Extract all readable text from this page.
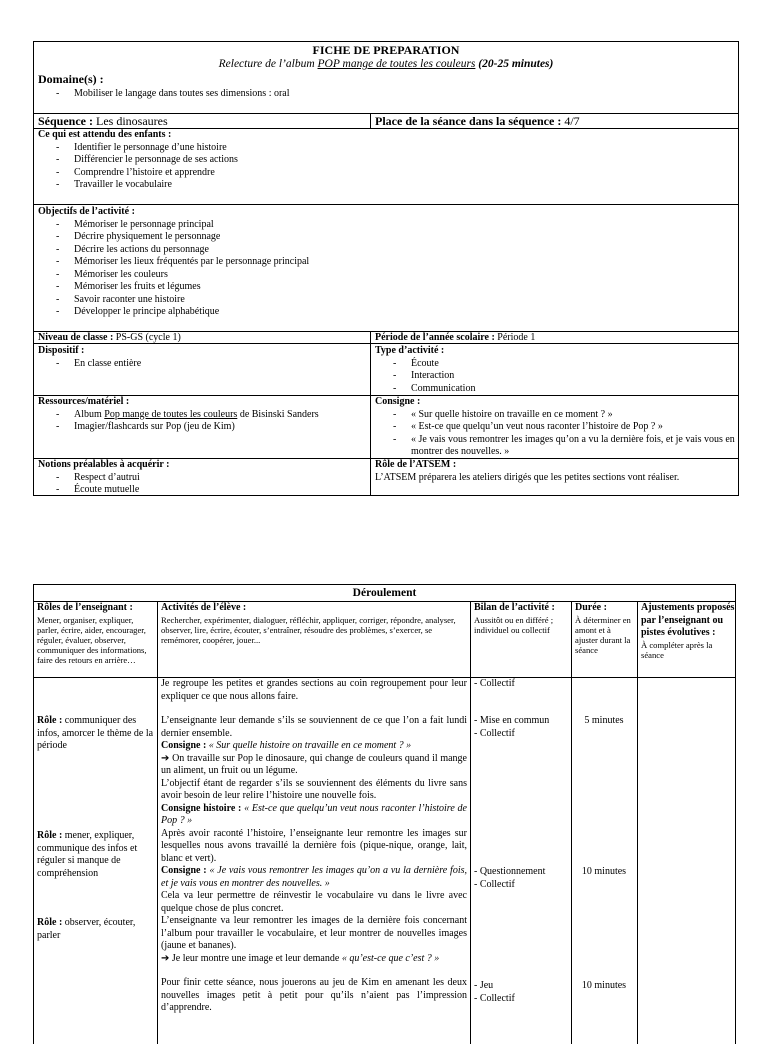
FICHE DE PREPARATION
Relecture de l’album POP mange de toutes les couleurs (20-25 minutes)
Domaine(s) :
- Mobiliser le langage dans toutes ses dimensions : oral
Séquence : Les dinosaures	Place de la séance dans la séquence : 4/7
Ce qui est attendu des enfants :
- Identifier le personnage d’une histoire
- Différencier le personnage de ses actions
- Comprendre l’histoire et apprendre
- Travailler le vocabulaire
Objectifs de l’activité :
- Mémoriser le personnage principal
- Décrire physiquement le personnage
- Décrire les actions du personnage
- Mémoriser les lieux fréquentés par le personnage principal
- Mémoriser les couleurs
- Mémoriser les fruits et légumes
- Savoir raconter une histoire
- Développer le principe alphabétique
Niveau de classe : PS-GS (cycle 1)	Période de l’année scolaire : Période 1
Dispositif :
- En classe entière
Type d’activité :
- Écoute
- Interaction
- Communication
Ressources/matériel :
- Album Pop mange de toutes les couleurs de Bisinski Sanders
- Imagier/flashcards sur Pop (jeu de Kim)
Consigne :
- « Sur quelle histoire on travaille en ce moment ? »
- « Est-ce que quelqu’un veut nous raconter l’histoire de Pop ? »
- « Je vais vous remontrer les images qu’on a vu la dernière fois, et je vais vous en montrer des nouvelles. »
Notions préalables à acquérir :
- Respect d’autrui
- Écoute mutuelle
Rôle de l’ATSEM :
L’ATSEM préparera les ateliers dirigés que les petites sections vont réaliser.
Déroulement
Rôles de l’enseignant :
Mener, organiser, expliquer, parler, écrire, aider, encourager, réguler, évaluer, observer, communiquer des informations, faire des retours en arrière…
Activités de l’élève :
Rechercher, expérimenter, dialoguer, réfléchir, appliquer, corriger, répondre, analyser, observer, lire, écrire, écouter, s’entraîner, résoudre des problèmes, s’exercer, se remémorer, coopérer, jouer...
Bilan de l’activité :
Aussitôt ou en différé ; individuel ou collectif
Durée :
À déterminer en amont et à ajuster durant la séance
Ajustements proposés par l’enseignant ou pistes évolutives :
À compléter après la séance
Rôle : communiquer des infos, amorcer le thème de la période
Rôle : mener, expliquer, communique des infos et réguler si manque de compréhension
Rôle : observer, écouter, parler

Je regroupe les petites et grandes sections au coin regroupement pour leur expliquer ce que nous allons faire.

L’enseignante leur demande s’ils se souviennent de ce que l’on a fait lundi dernier ensemble.

Consigne : « Sur quelle histoire on travaille en ce moment ? »

➔ On travaille sur Pop le dinosaure, qui change de couleurs quand il mange un aliment, un fruit ou un légume.

L’objectif étant de regarder s’ils se souviennent des éléments du livre sans avoir besoin de leur relire l’histoire une nouvelle fois.

Consigne histoire : « Est-ce que quelqu’un veut nous raconter l’histoire de Pop ? »

Après avoir raconté l’histoire, l’enseignante leur remontre les images sur lesquelles nous avons travaillé la dernière fois (pique-nique, orange, lait, blanc et vert).

Consigne : « Je vais vous remontrer les images qu’on a vu la dernière fois, et je vais vous en montrer des nouvelles. »

Cela va leur permettre de réinvestir le vocabulaire vu dans le livre avec quelque chose de plus concret.

L’enseignante va leur remontrer les images de la dernière fois concernant l’album pour travailler le vocabulaire, et leur montrer de nouvelles images (jaune et bananes).

➔ Je leur montre une image et leur demande « qu’est-ce que c’est ? »

Pour finir cette séance, nous jouerons au jeu de Kim en amenant les deux nouvelles images petit à petit pour qu’ils n’aient pas l’impression d’apprendre.

- Collectif
- Mise en commun
- Collectif
- Questionnement
- Collectif
- Jeu
- Collectif
5 minutes
10 minutes
10 minutes
